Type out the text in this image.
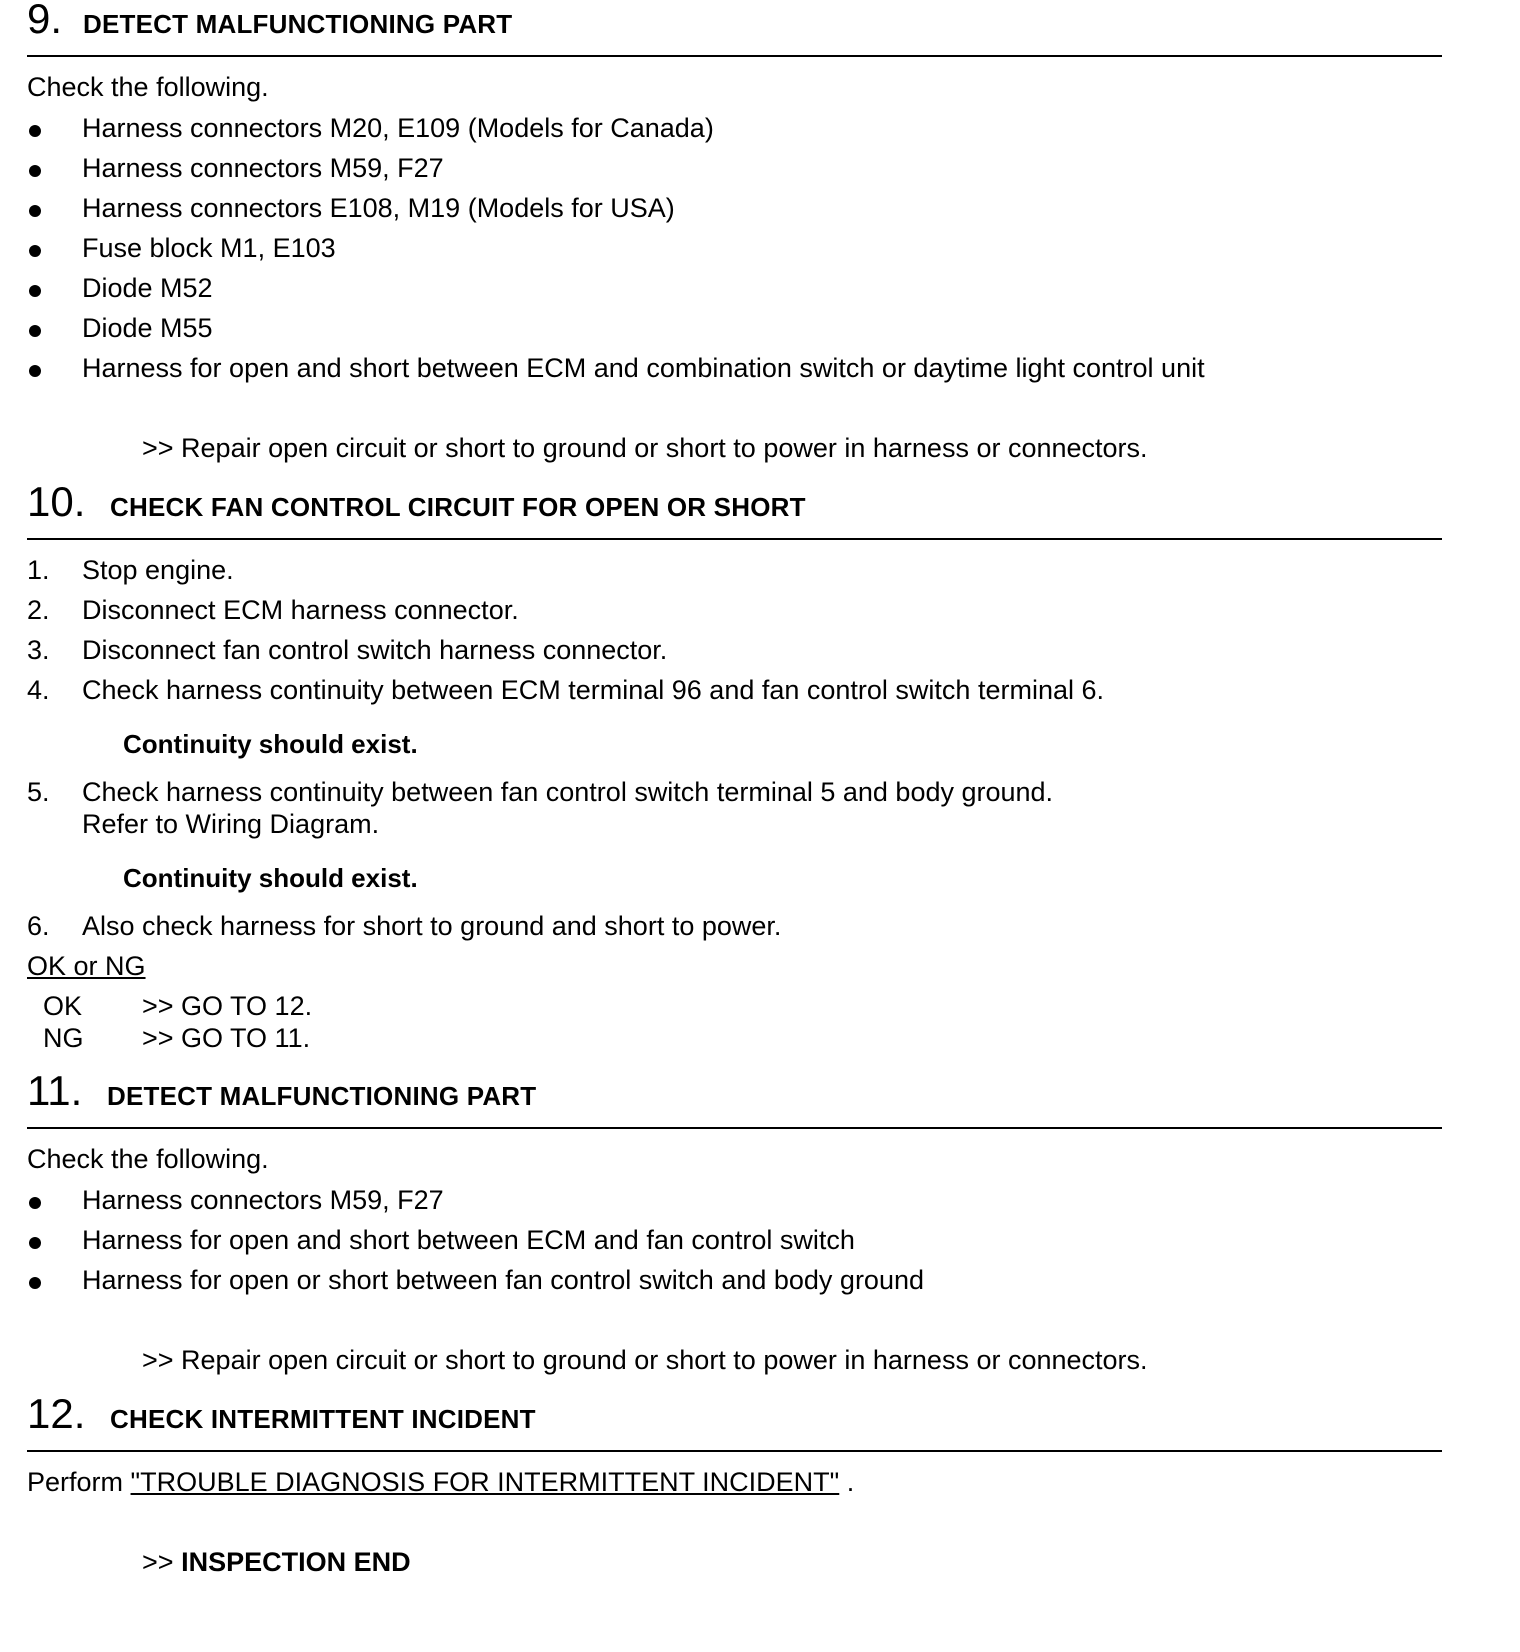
9. DETECT MALFUNCTIONING PART
Check the following.
Harness connectors M20, E109 (Models for Canada)
Harness connectors M59, F27
Harness connectors E108, M19 (Models for USA)
Fuse block M1, E103
Diode M52
Diode M55
Harness for open and short between ECM and combination switch or daytime light control unit
>> Repair open circuit or short to ground or short to power in harness or connectors.
10. CHECK FAN CONTROL CIRCUIT FOR OPEN OR SHORT
1. Stop engine.
2. Disconnect ECM harness connector.
3. Disconnect fan control switch harness connector.
4. Check harness continuity between ECM terminal 96 and fan control switch terminal 6.
Continuity should exist.
5. Check harness continuity between fan control switch terminal 5 and body ground.
Refer to Wiring Diagram.
Continuity should exist.
6. Also check harness for short to ground and short to power.
OK or NG
OK >> GO TO 12.
NG >> GO TO 11.
11. DETECT MALFUNCTIONING PART
Check the following.
Harness connectors M59, F27
Harness for open and short between ECM and fan control switch
Harness for open or short between fan control switch and body ground
>> Repair open circuit or short to ground or short to power in harness or connectors.
12. CHECK INTERMITTENT INCIDENT
Perform "TROUBLE DIAGNOSIS FOR INTERMITTENT INCIDENT" .
>> INSPECTION END
